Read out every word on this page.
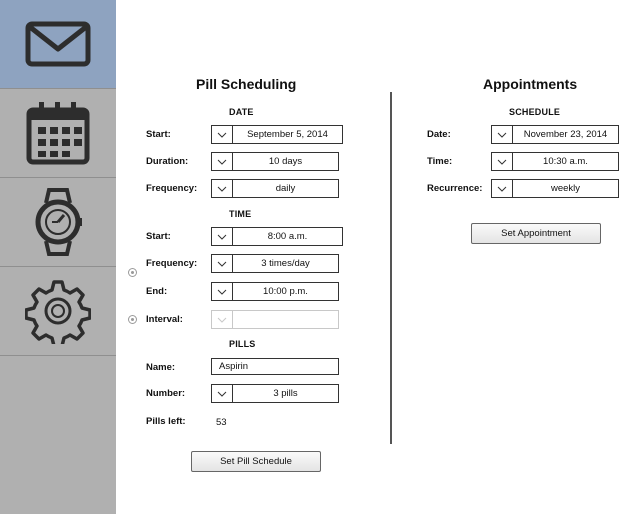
Pill Scheduling
DATE
Start:	September 5, 2014
Duration:	10 days
Frequency:	daily
TIME
Start:	8:00 a.m.
Frequency:	3 times/day
End:	10:00 p.m.
Interval:
PILLS
Name:	Aspirin
Number:	3 pills
Pills left:	53
Set Pill Schedule
Appointments
SCHEDULE
Date:	November 23, 2014
Time:	10:30 a.m.
Recurrence:	weekly
Set Appointment
